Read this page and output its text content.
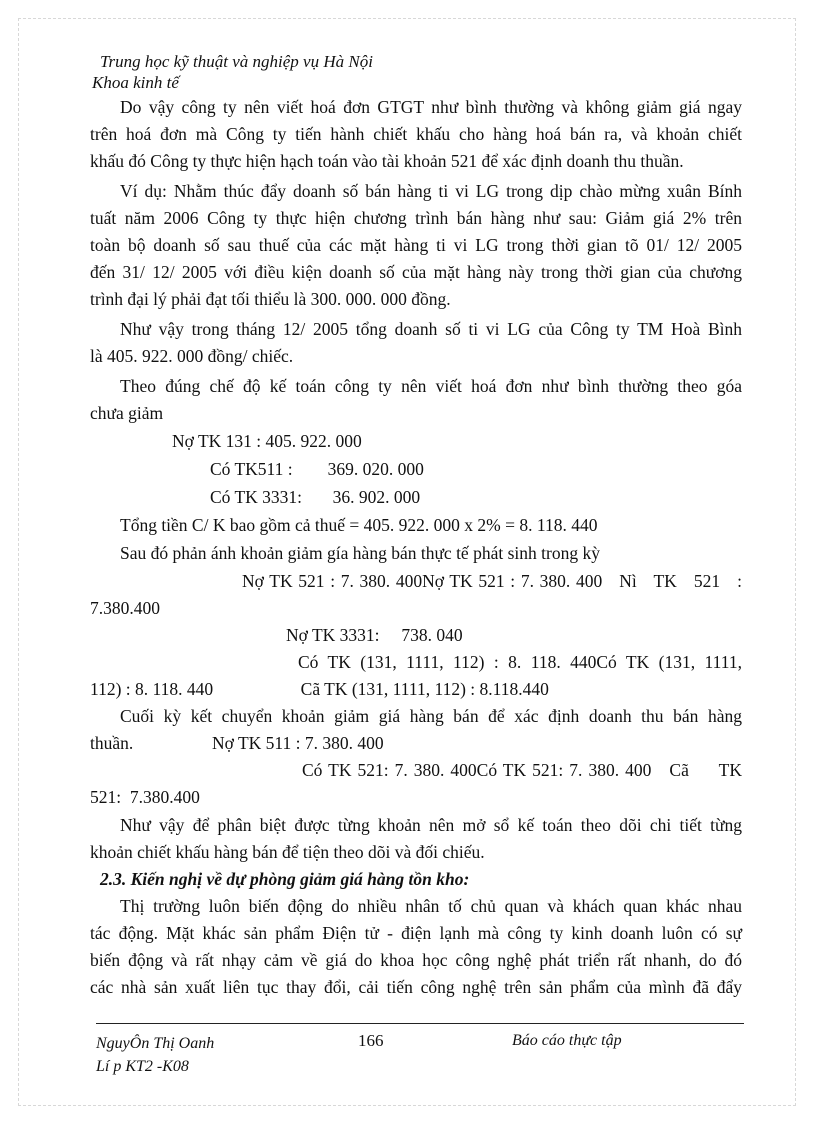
Trung học kỹ thuật và nghiệp vụ Hà Nội
Khoa kinh tế
Do vậy công ty nên viết hoá đơn GTGT như bình thường và không giảm giá ngay
trên hoá đơn mà Công ty tiến hành chiết khấu cho hàng hoá bán ra, và khoản chiết
khấu đó Công ty thực hiện hạch toán vào tài khoản 521 để xác định doanh thu thuần.
Ví dụ: Nhằm thúc đẩy doanh số bán hàng ti vi LG trong dịp chào mừng xuân Bính
tuất năm 2006 Công ty thực hiện chương trình bán hàng như sau: Giảm giá 2% trên
toàn bộ doanh số sau thuế của các mặt hàng ti vi LG trong thời gian tõ 01/ 12/ 2005
đến 31/ 12/ 2005 với điều kiện doanh số của mặt hàng này trong thời gian của chương
trình đại lý phải đạt tối thiểu là 300. 000. 000 đồng.
Như vậy trong tháng 12/ 2005 tổng doanh số ti vi LG của Công ty TM Hoà Bình
là 405. 922. 000 đồng/ chiếc.
Theo đúng chế độ kế toán công ty nên viết hoá đơn như bình thường theo góa
chưa giảm
Nợ TK 131 : 405. 922. 000
Có TK511 :        369. 020. 000
Có TK 3331:       36. 902. 000
Tổng tiền C/ K bao gồm cả thuế = 405. 922. 000 x 2% = 8. 118. 440
Sau đó phản ánh khoản giảm gía hàng bán thực tế phát sinh trong kỳ
Nợ TK 521 : 7. 380. 400Nợ TK 521 : 7. 380. 400   Nì   TK   521   :
7.380.400
Nợ TK 3331:     738. 040
Có TK (131, 1111, 112) : 8. 118. 440Có TK (131, 1111,
112) : 8. 118. 440                    Cã TK (131, 1111, 112) : 8.118.440
Cuối kỳ kết chuyển khoản giảm giá hàng bán để xác định doanh thu bán hàng
thuần.                  Nợ TK 511 : 7. 380. 400
Có TK 521: 7. 380. 400Có TK 521: 7. 380. 400   Cã     TK
521:  7.380.400
Như vậy để phân biệt được từng khoản nên mở sổ kế toán theo dõi chi tiết từng
khoản chiết khấu hàng bán để tiện theo dõi và đối chiếu.
2.3. Kiến nghị về dự phòng giảm giá hàng tồn kho:
Thị trường luôn biến động do nhiều nhân tố chủ quan và khách quan khác nhau
tác động. Mặt khác sản phẩm Điện tử - điện lạnh mà công ty kinh doanh luôn có sự
biến động và rất nhạy cảm về giá do khoa học công nghệ phát triển rất nhanh, do đó
các nhà sản xuất liên tục thay đổi, cải tiến công nghệ trên sản phẩm của mình đã đẩy
NguyÔn Thị Oanh
Lí p KT2 -K08
166	Báo cáo thực tập
